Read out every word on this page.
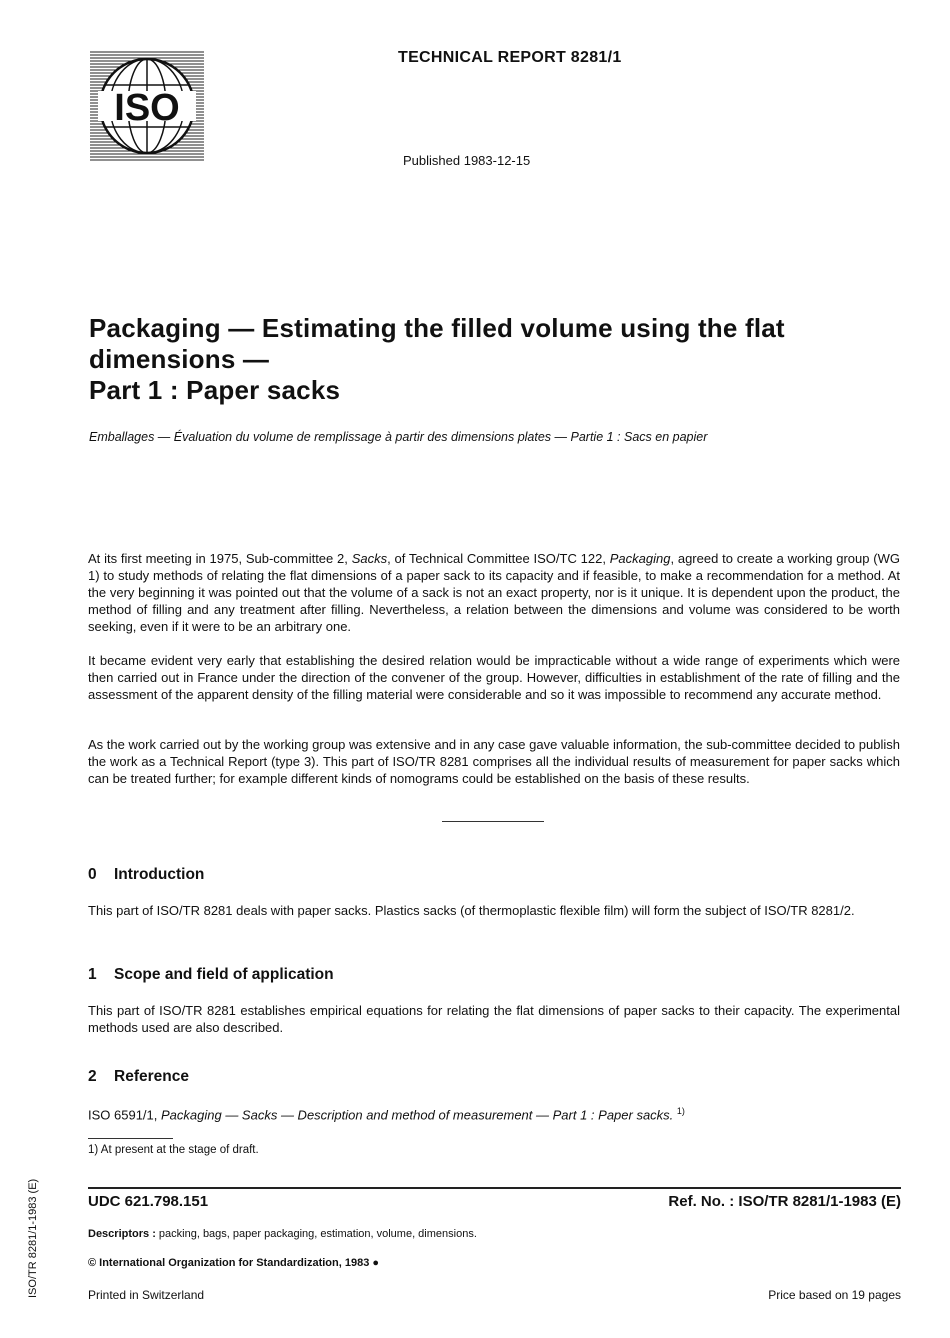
ISO
TECHNICAL REPORT 8281/1
Published 1983-12-15
Packaging — Estimating the filled volume using the flat
dimensions —
Part 1 : Paper sacks
Emballages — Évaluation du volume de remplissage à partir des dimensions plates — Partie 1 : Sacs en papier
At its first meeting in 1975, Sub-committee 2, Sacks, of Technical Committee ISO/TC 122, Packaging, agreed to create a working group (WG 1) to study methods of relating the flat dimensions of a paper sack to its capacity and if feasible, to make a recommendation for a method. At the very beginning it was pointed out that the volume of a sack is not an exact property, nor is it unique. It is dependent upon the product, the method of filling and any treatment after filling. Nevertheless, a relation between the dimensions and volume was considered to be worth seeking, even if it were to be an arbitrary one.
It became evident very early that establishing the desired relation would be impracticable without a wide range of experiments which were then carried out in France under the direction of the convener of the group. However, difficulties in establishment of the rate of filling and the assessment of the apparent density of the filling material were considerable and so it was impossible to recommend any accurate method.
As the work carried out by the working group was extensive and in any case gave valuable information, the sub-committee decided to publish the work as a Technical Report (type 3). This part of ISO/TR 8281 comprises all the individual results of measurement for paper sacks which can be treated further; for example different kinds of nomograms could be established on the basis of these results.
0 Introduction
This part of ISO/TR 8281 deals with paper sacks. Plastics sacks (of thermoplastic flexible film) will form the subject of ISO/TR 8281/2.
1 Scope and field of application
This part of ISO/TR 8281 establishes empirical equations for relating the flat dimensions of paper sacks to their capacity. The experimental methods used are also described.
2 Reference
ISO 6591/1, Packaging — Sacks — Description and method of measurement — Part 1 : Paper sacks. $^{1)}$
1) At present at the stage of draft.
UDC 621.798.151	Ref. No. : ISO/TR 8281/1-1983 (E)
Descriptors : packing, bags, paper packaging, estimation, volume, dimensions.
© International Organization for Standardization, 1983 ●
Printed in Switzerland	Price based on 19 pages
ISO/TR 8281/1-1983 (E)
